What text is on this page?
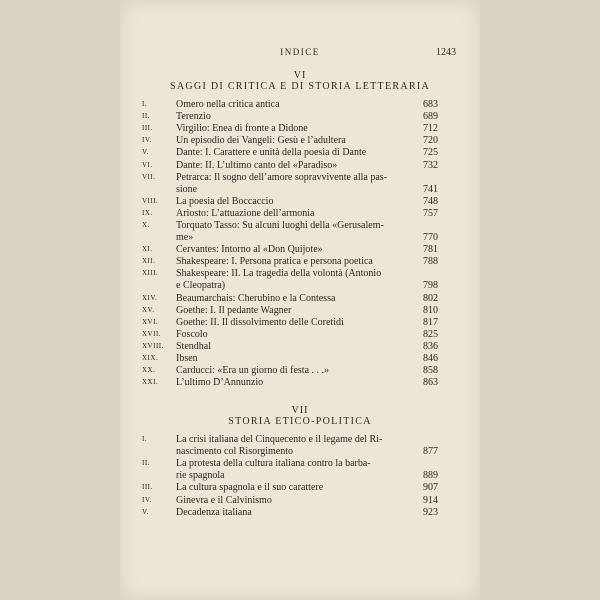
INDICE	1243
VI
SAGGI DI CRITICA E DI STORIA LETTERARIA
I.	Omero nella critica antica	683
II.	Terenzio	689
III.	Virgilio: Enea di fronte a Didone	712
IV.	Un episodio dei Vangeli: Gesù e l’adultera	720
V.	Dante: I. Carattere e unità della poesia di Dante	725
VI.	Dante: II. L’ultimo canto del «Paradiso»	732
VII.	Petrarca: Il sogno dell’amore sopravvivente alla pas-
sione	741
VIII.	La poesia del Boccaccio	748
IX.	Ariosto: L’attuazione dell’armonia	757
X.	Torquato Tasso: Su alcuni luoghi della «Gerusalem-
me»	770
XI.	Cervantes: Intorno al «Don Quijote»	781
XII.	Shakespeare: I. Persona pratica e persona poetica	788
XIII.	Shakespeare: II. La tragedia della volontà (Antonio
e Cleopatra)	798
XIV.	Beaumarchais: Cherubino e la Contessa	802
XV.	Goethe: I. Il pedante Wagner	810
XVI.	Goethe: II. Il dissolvimento delle Coretidi	817
XVII.	Foscolo	825
XVIII.	Stendhal	836
XIX.	Ibsen	846
XX.	Carducci: «Era un giorno di festa . . .»	858
XXI.	L’ultimo D’Annunzio	863
VII
STORIA ETICO-POLITICA
I.	La crisi italiana del Cinquecento e il legame del Ri-
nascimento col Risorgimento	877
II.	La protesta della cultura italiana contro la barba-
rie spagnola	889
III.	La cultura spagnola e il suo carattere	907
IV.	Ginevra e il Calvinismo	914
V.	Decadenza italiana	923
